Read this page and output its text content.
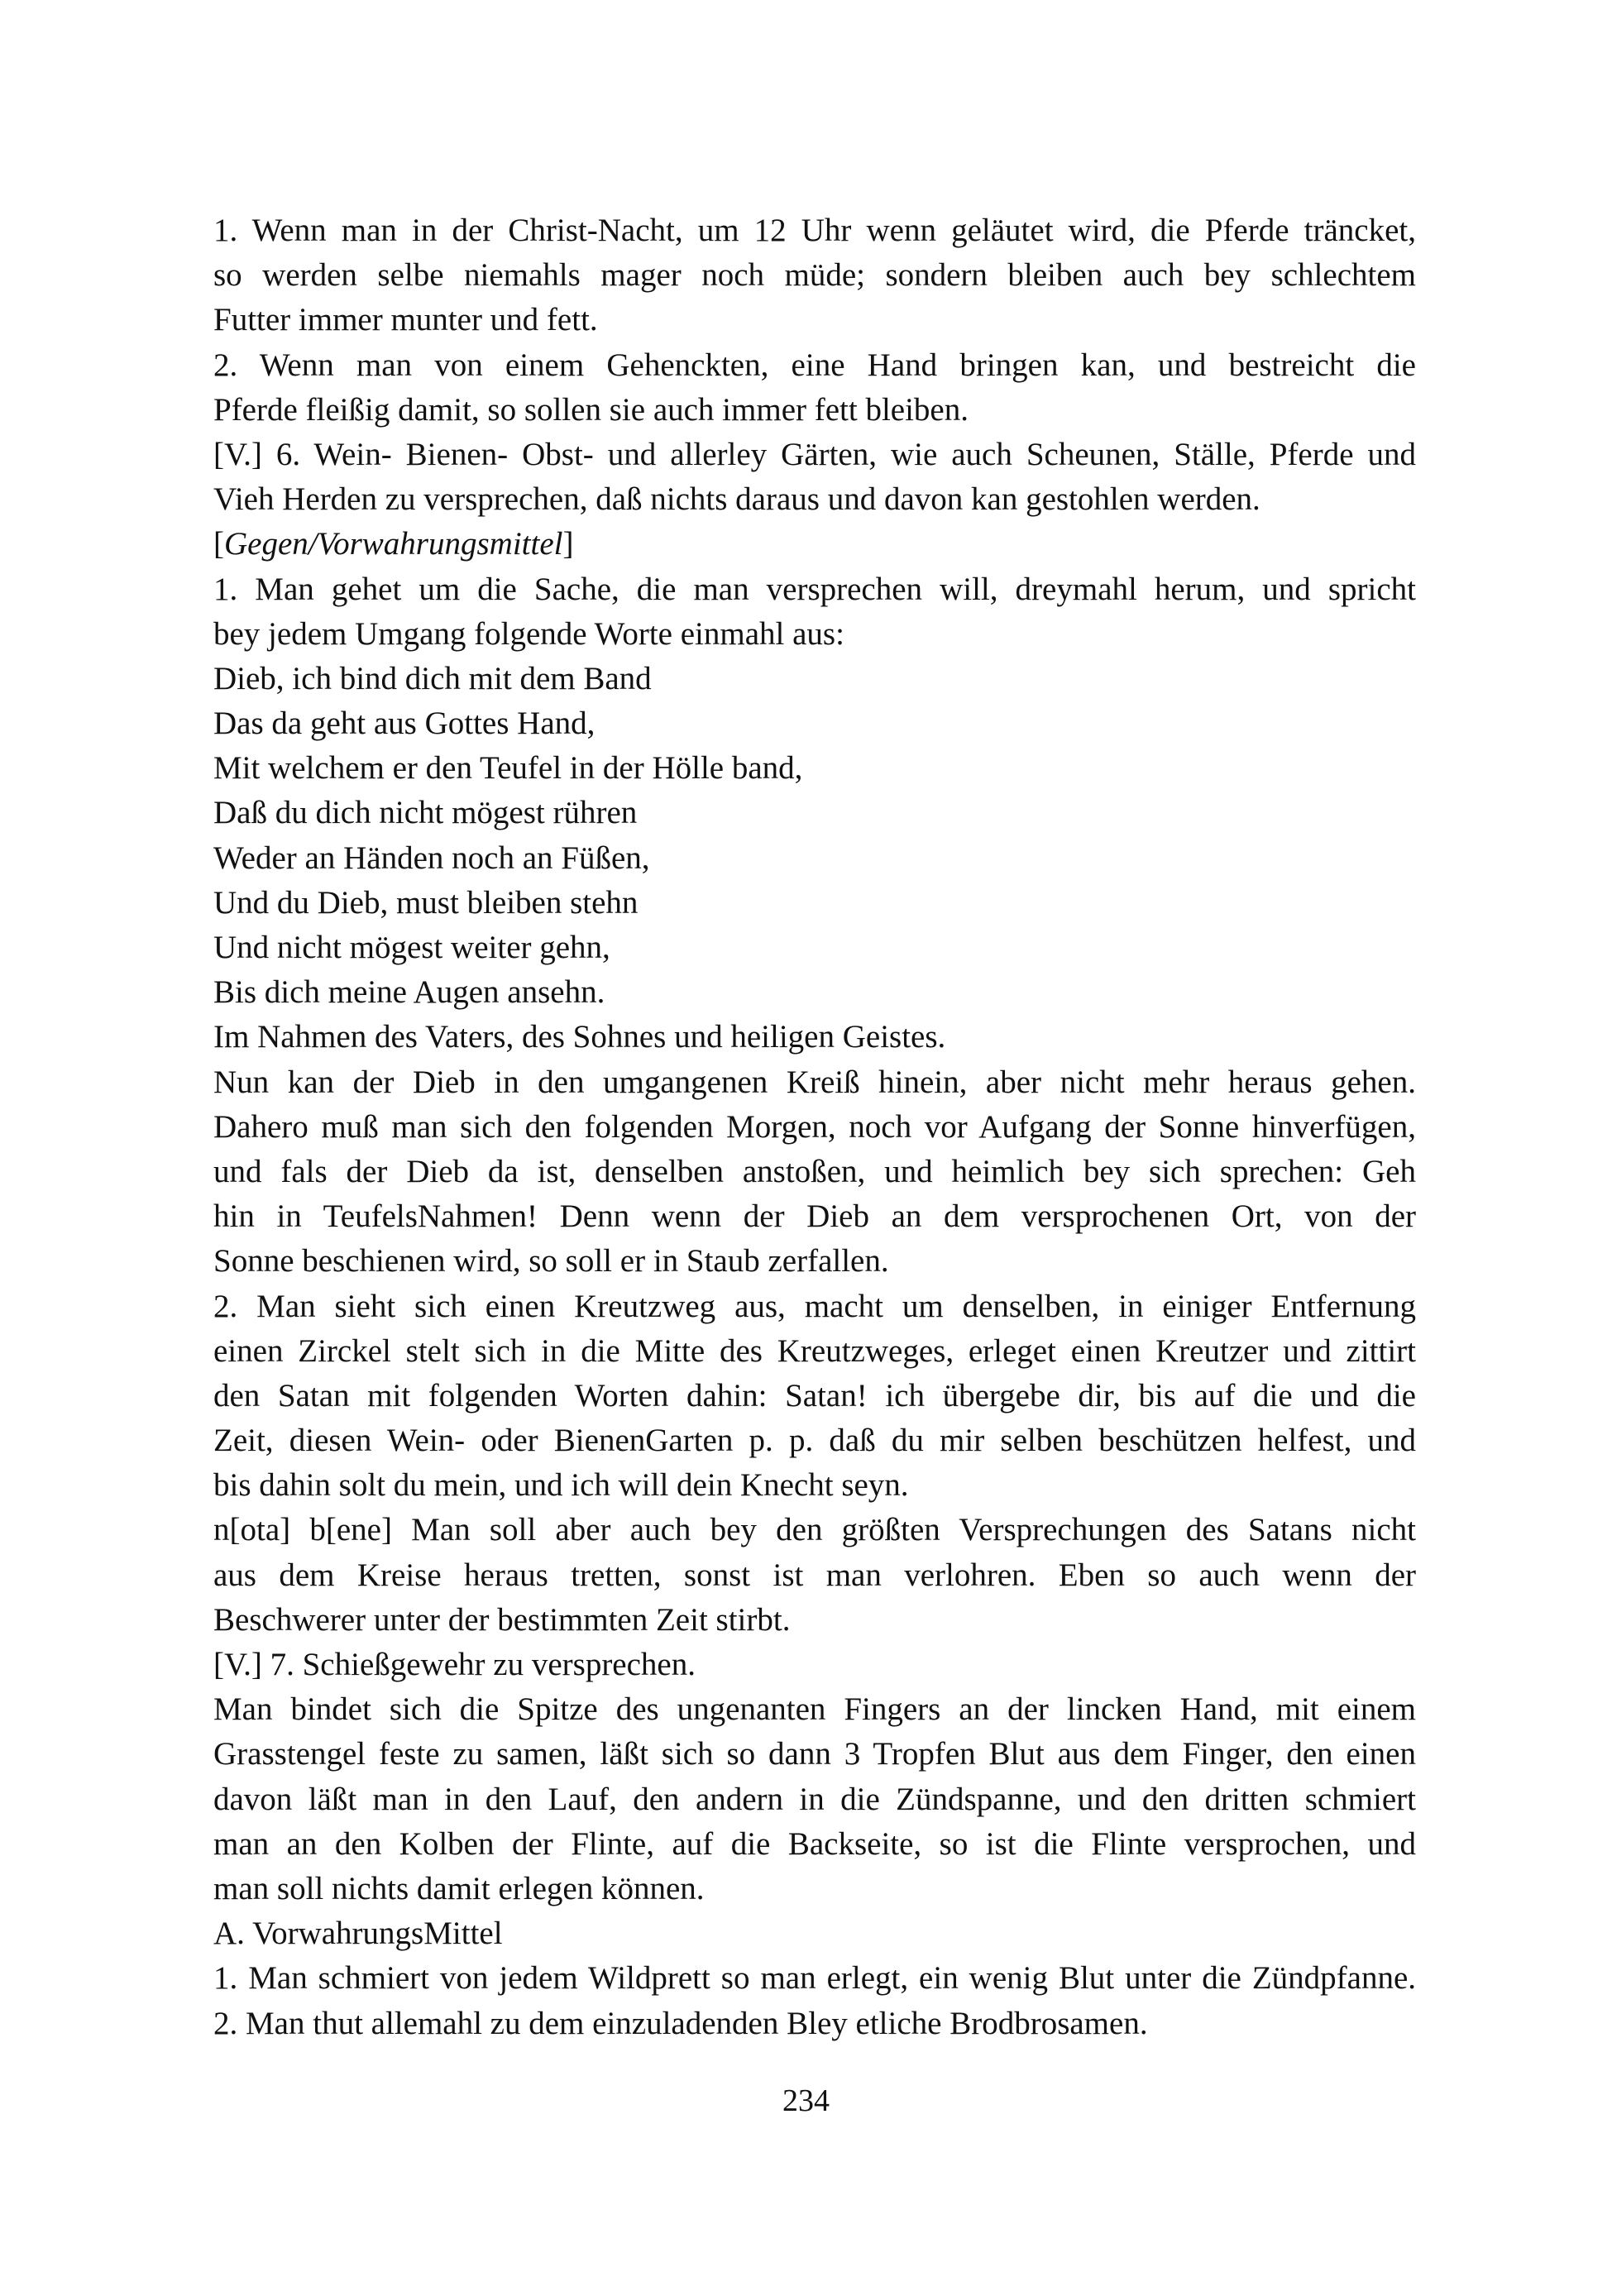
1. Wenn man in der Christ-Nacht, um 12 Uhr wenn geläutet wird, die Pferde träncket,
so werden selbe niemahls mager noch müde; sondern bleiben auch bey schlechtem
Futter immer munter und fett.
2. Wenn man von einem Gehenckten, eine Hand bringen kan, und bestreicht die
Pferde fleißig damit, so sollen sie auch immer fett bleiben.
[V.] 6. Wein- Bienen- Obst- und allerley Gärten, wie auch Scheunen, Ställe, Pferde und
Vieh Herden zu versprechen, daß nichts daraus und davon kan gestohlen werden.
[Gegen/Vorwahrungsmittel]
1. Man gehet um die Sache, die man versprechen will, dreymahl herum, und spricht
bey jedem Umgang folgende Worte einmahl aus:
Dieb, ich bind dich mit dem Band
Das da geht aus Gottes Hand,
Mit welchem er den Teufel in der Hölle band,
Daß du dich nicht mögest rühren
Weder an Händen noch an Füßen,
Und du Dieb, must bleiben stehn
Und nicht mögest weiter gehn,
Bis dich meine Augen ansehn.
Im Nahmen des Vaters, des Sohnes und heiligen Geistes.
Nun kan der Dieb in den umgangenen Kreiß hinein, aber nicht mehr heraus gehen.
Dahero muß man sich den folgenden Morgen, noch vor Aufgang der Sonne hinverfügen,
und fals der Dieb da ist, denselben anstoßen, und heimlich bey sich sprechen: Geh
hin in TeufelsNahmen! Denn wenn der Dieb an dem versprochenen Ort, von der
Sonne beschienen wird, so soll er in Staub zerfallen.
2. Man sieht sich einen Kreutzweg aus, macht um denselben, in einiger Entfernung
einen Zirckel stelt sich in die Mitte des Kreutzweges, erleget einen Kreutzer und zittirt
den Satan mit folgenden Worten dahin: Satan! ich übergebe dir, bis auf die und die
Zeit, diesen Wein- oder BienenGarten p. p. daß du mir selben beschützen helfest, und
bis dahin solt du mein, und ich will dein Knecht seyn.
n[ota] b[ene] Man soll aber auch bey den größten Versprechungen des Satans nicht
aus dem Kreise heraus tretten, sonst ist man verlohren. Eben so auch wenn der
Beschwerer unter der bestimmten Zeit stirbt.
[V.] 7. Schießgewehr zu versprechen.
Man bindet sich die Spitze des ungenanten Fingers an der lincken Hand, mit einem
Grasstengel feste zu samen, läßt sich so dann 3 Tropfen Blut aus dem Finger, den einen
davon läßt man in den Lauf, den andern in die Zündspanne, und den dritten schmiert
man an den Kolben der Flinte, auf die Backseite, so ist die Flinte versprochen, und
man soll nichts damit erlegen können.
A. VorwahrungsMittel
1. Man schmiert von jedem Wildprett so man erlegt, ein wenig Blut unter die Zündpfanne.
2. Man thut allemahl zu dem einzuladenden Bley etliche Brodbrosamen.
234
